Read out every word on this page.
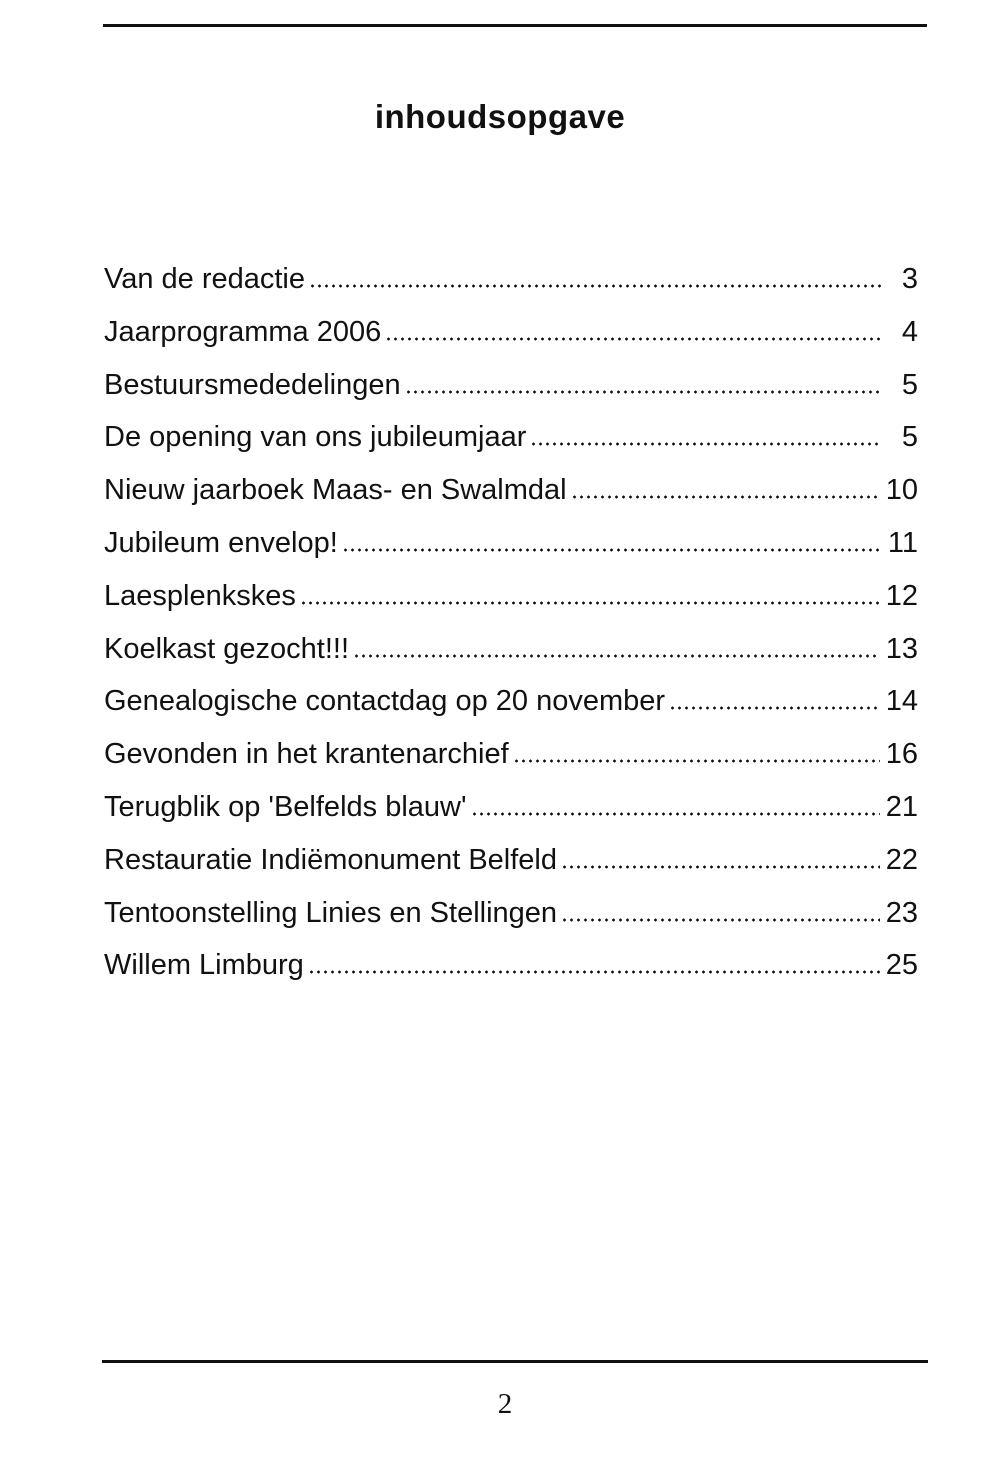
inhoudsopgave
Van de redactie	3
Jaarprogramma 2006	4
Bestuursmededelingen	5
De opening van ons jubileumjaar	5
Nieuw jaarboek Maas- en Swalmdal	10
Jubileum envelop!	11
Laesplenkskes	12
Koelkast gezocht!!!	13
Genealogische contactdag op 20 november	14
Gevonden in het krantenarchief	16
Terugblik op 'Belfelds blauw'	21
Restauratie Indiëmonument Belfeld	22
Tentoonstelling Linies en Stellingen	23
Willem Limburg	25
2
